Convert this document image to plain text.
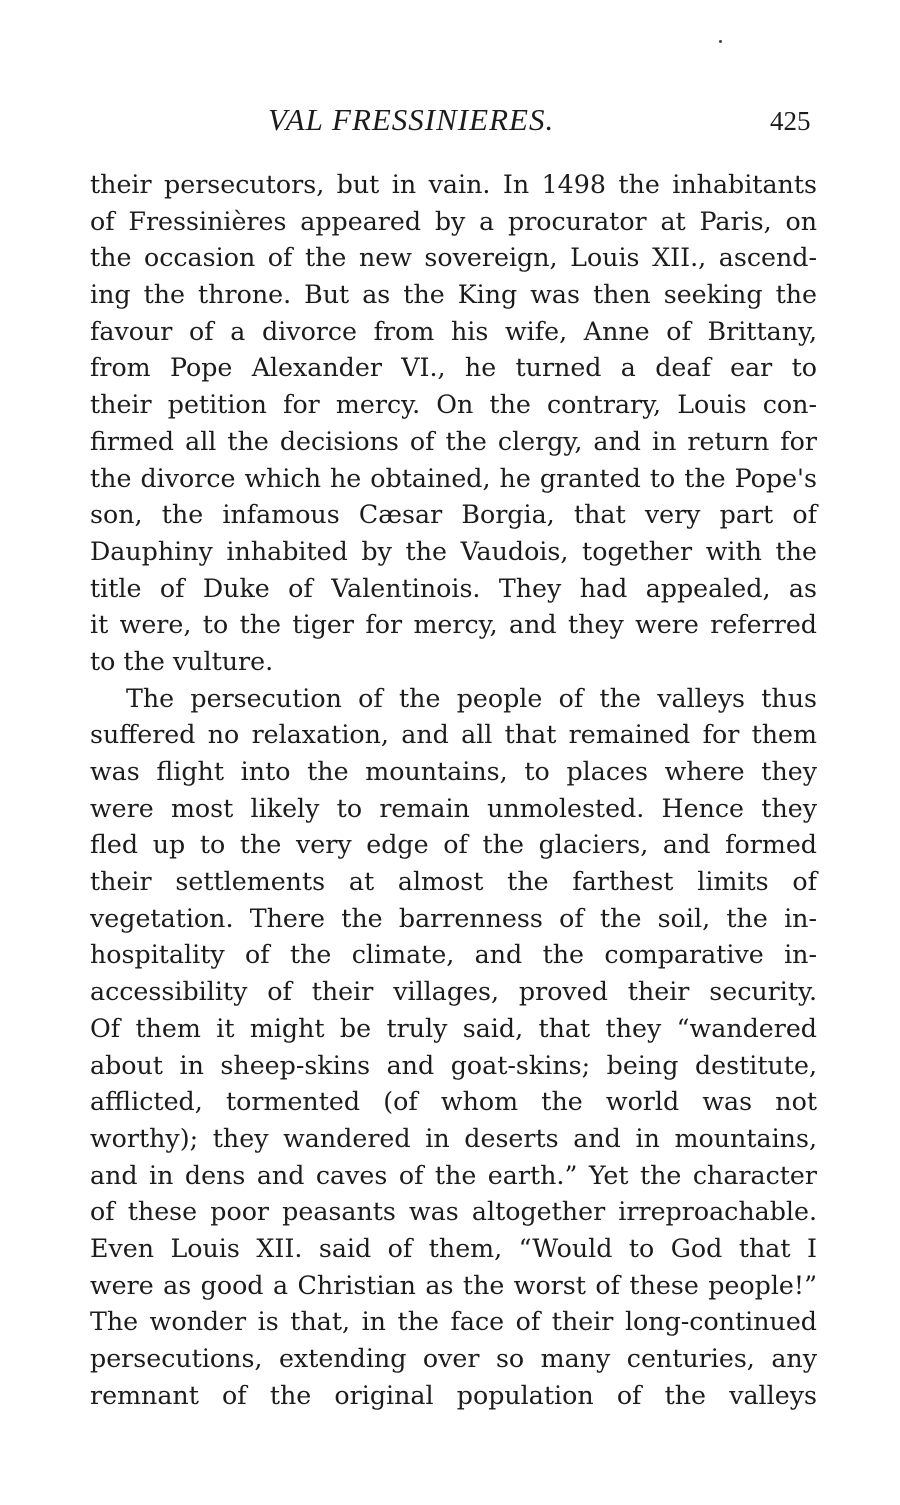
VAL FRESSINIERES.	425
their persecutors, but in vain. In 1498 the inhabitants
of Fressinières appeared by a procurator at Paris, on
the occasion of the new sovereign, Louis XII., ascend-
ing the throne. But as the King was then seeking the
favour of a divorce from his wife, Anne of Brittany,
from Pope Alexander VI., he turned a deaf ear to
their petition for mercy. On the contrary, Louis con-
firmed all the decisions of the clergy, and in return for
the divorce which he obtained, he granted to the Pope's
son, the infamous Cæsar Borgia, that very part of
Dauphiny inhabited by the Vaudois, together with the
title of Duke of Valentinois. They had appealed, as
it were, to the tiger for mercy, and they were referred
to the vulture.
The persecution of the people of the valleys thus
suffered no relaxation, and all that remained for them
was flight into the mountains, to places where they
were most likely to remain unmolested. Hence they
fled up to the very edge of the glaciers, and formed
their settlements at almost the farthest limits of
vegetation. There the barrenness of the soil, the in-
hospitality of the climate, and the comparative in-
accessibility of their villages, proved their security.
Of them it might be truly said, that they “wandered
about in sheep-skins and goat-skins; being destitute,
afflicted, tormented (of whom the world was not
worthy); they wandered in deserts and in mountains,
and in dens and caves of the earth.” Yet the character
of these poor peasants was altogether irreproachable.
Even Louis XII. said of them, “Would to God that I
were as good a Christian as the worst of these people!”
The wonder is that, in the face of their long-continued
persecutions, extending over so many centuries, any
remnant of the original population of the valleys
